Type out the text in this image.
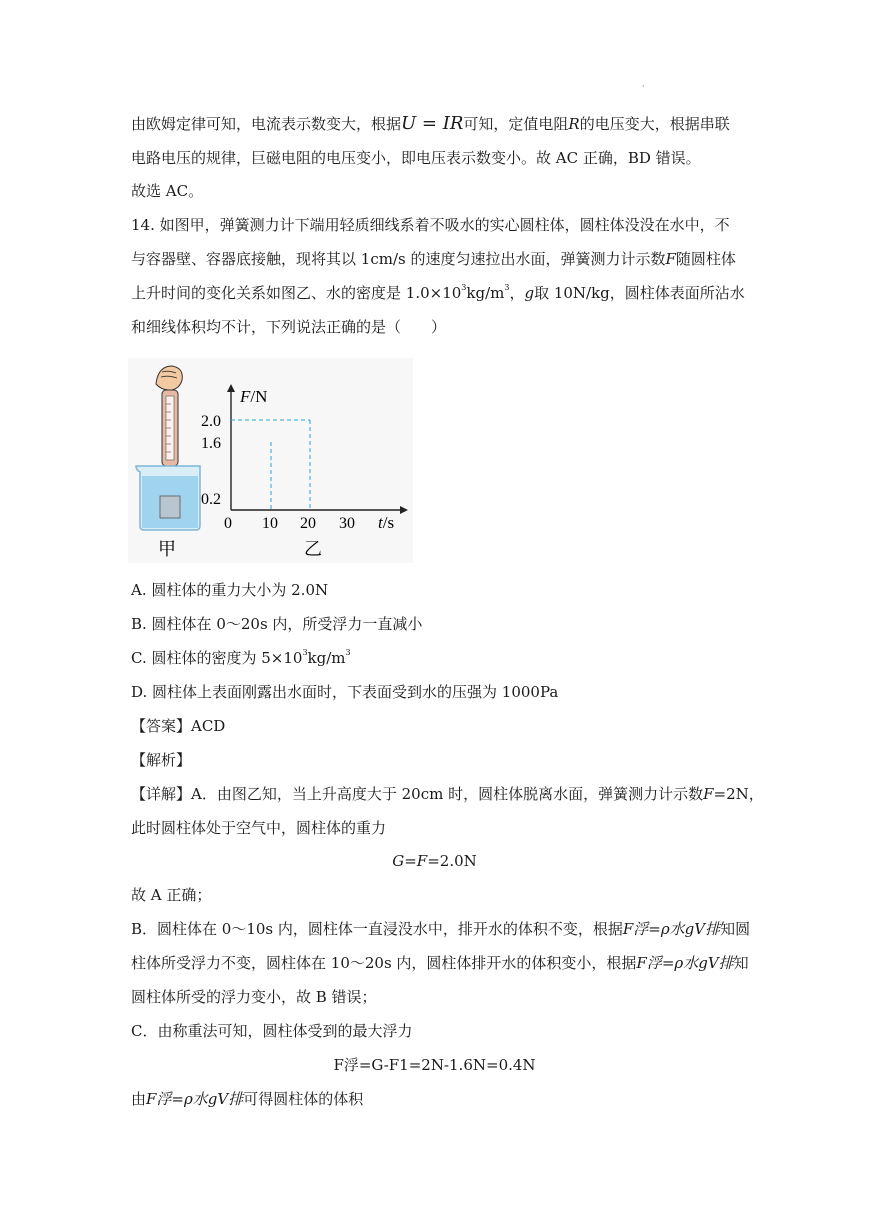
·
由欧姆定律可知，电流表示数变大，根据U = IR可知，定值电阻R的电压变大，根据串联
电路电压的规律，巨磁电阻的电压变小，即电压表示数变小。故 AC 正确，BD 错误。
故选 AC。
14. 如图甲，弹簧测力计下端用轻质细线系着不吸水的实心圆柱体，圆柱体没没在水中，不
与容器壁、容器底接触，现将其以 1cm/s 的速度匀速拉出水面，弹簧测力计示数F随圆柱体
上升时间的变化关系如图乙、水的密度是 $1.0\times 10^3kg/m^3$，g取 10N/kg，圆柱体表面所沾水
和细线体积均不计，下列说法正确的是（　　）
2.0
1.6
0.2
0 10 20 30
F/N
t/s
甲	乙
A. 圆柱体的重力大小为 2.0N
B. 圆柱体在 0～20s 内，所受浮力一直减小
C. 圆柱体的密度为 $5\times 10^3kg/m^3$
D. 圆柱体上表面刚露出水面时，下表面受到水的压强为 1000Pa
【答案】ACD
【解析】
【详解】A．由图乙知，当上升高度大于 20cm 时，圆柱体脱离水面，弹簧测力计示数F=2N，
此时圆柱体处于空气中，圆柱体的重力
G=F=2.0N
故 A 正确；
B．圆柱体在 0～10s 内，圆柱体一直浸没水中，排开水的体积不变，根据F浮=ρ水gV排知圆
柱体所受浮力不变，圆柱体在 10～20s 内，圆柱体排开水的体积变小，根据F浮=ρ水gV排知
圆柱体所受的浮力变小，故 B 错误；
C．由称重法可知，圆柱体受到的最大浮力
F浮=G-F1=2N-1.6N=0.4N
由F浮=ρ水gV排可得圆柱体的体积
